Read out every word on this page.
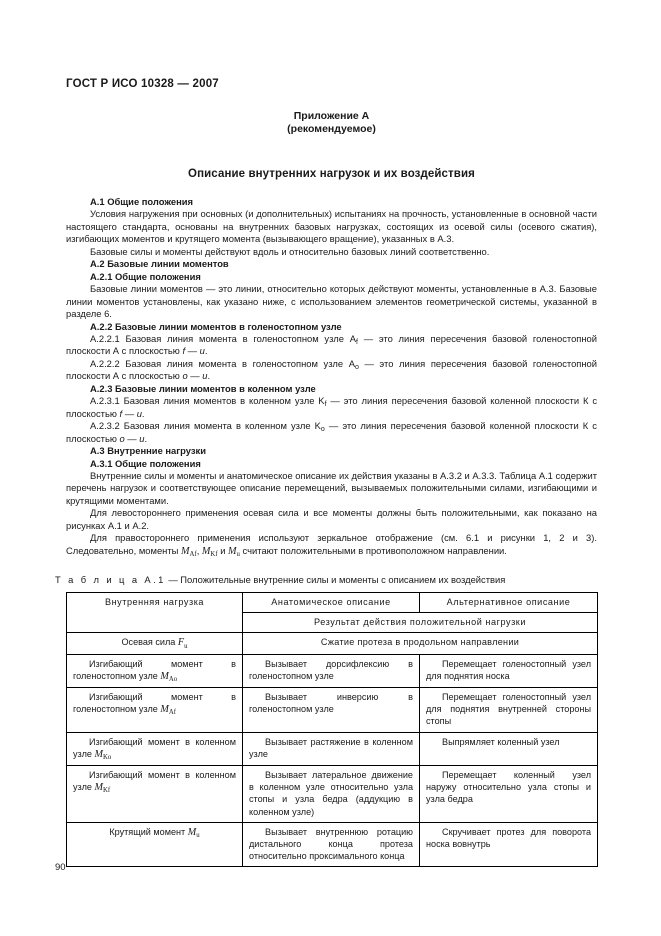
ГОСТ Р ИСО 10328 — 2007
Приложение А
(рекомендуемое)
Описание внутренних нагрузок и их воздействия

А.1 Общие положения

Условия нагружения при основных (и дополнительных) испытаниях на прочность, установленные в основной части настоящего стандарта, основаны на внутренних базовых нагрузках, состоящих из осевой силы (осевого сжатия), изгибающих моментов и крутящего момента (вызывающего вращение), указанных в А.3.

Базовые силы и моменты действуют вдоль и относительно базовых линий соответственно.

А.2 Базовые линии моментов

А.2.1 Общие положения

Базовые линии моментов — это линии, относительно которых действуют моменты, установленные в А.3. Базовые линии моментов установлены, как указано ниже, с использованием элементов геометрической системы, указанной в разделе 6.

А.2.2 Базовые линии моментов в голеностопном узле

А.2.2.1 Базовая линия момента в голеностопном узле $A_f$ — это линия пересечения базовой голеностопной плоскости А с плоскостью f — u.

А.2.2.2 Базовая линия момента в голеностопном узле $A_o$ — это линия пересечения базовой голеностопной плоскости А с плоскостью o — u.

А.2.3 Базовые линии моментов в коленном узле

А.2.3.1 Базовая линия моментов в коленном узле $K_f$ — это линия пересечения базовой коленной плоскости К с плоскостью f — u.

А.2.3.2 Базовая линия момента в коленном узле $K_o$ — это линия пересечения базовой коленной плоскости К с плоскостью o — u.

А.3 Внутренние нагрузки

А.3.1 Общие положения

Внутренние силы и моменты и анатомическое описание их действия указаны в А.3.2 и А.3.3. Таблица А.1 содержит перечень нагрузок и соответствующее описание перемещений, вызываемых положительными силами, изгибающими и крутящими моментами.

Для левостороннего применения осевая сила и все моменты должны быть положительными, как показано на рисунках А.1 и А.2.

Для правостороннего применения используют зеркальное отображение (см. 6.1 и рисунки 1, 2 и 3). Следовательно, моменты $M_{Af}$, $M_{Kf}$ и $M_u$ считают положительными в противоположном направлении.

Т а б л и ц а А.1 — Положительные внутренние силы и моменты с описанием их воздействия
Внутренняя нагрузка	Анатомическое описание	Альтернативное описание
	Результат действия положительной нагрузки	
Осевая сила $F_u$	Сжатие протеза в продольном направлении	
Изгибающий момент в голеностопном узле $M_{Ao}$	Вызывает дорсифлексию в голеностопном узле	Перемещает голеностопный узел для поднятия носка
Изгибающий момент в голеностопном узле $M_{Af}$	Вызывает инверсию в голеностопном узле	Перемещает голеностопный узел для поднятия внутренней стороны стопы
Изгибающий момент в коленном узле $M_{Ko}$	Вызывает растяжение в коленном узле	Выпрямляет коленный узел
Изгибающий момент в коленном узле $M_{Kf}$	Вызывает латеральное движение в коленном узле относительно узла стопы и узла бедра (аддукцию в коленном узле)	Перемещает коленный узел наружу относительно узла стопы и узла бедра
Крутящий момент $M_u$	Вызывает внутреннюю ротацию дистального конца протеза относительно проксимального конца	Скручивает протез для поворота носка вовнутрь
90
